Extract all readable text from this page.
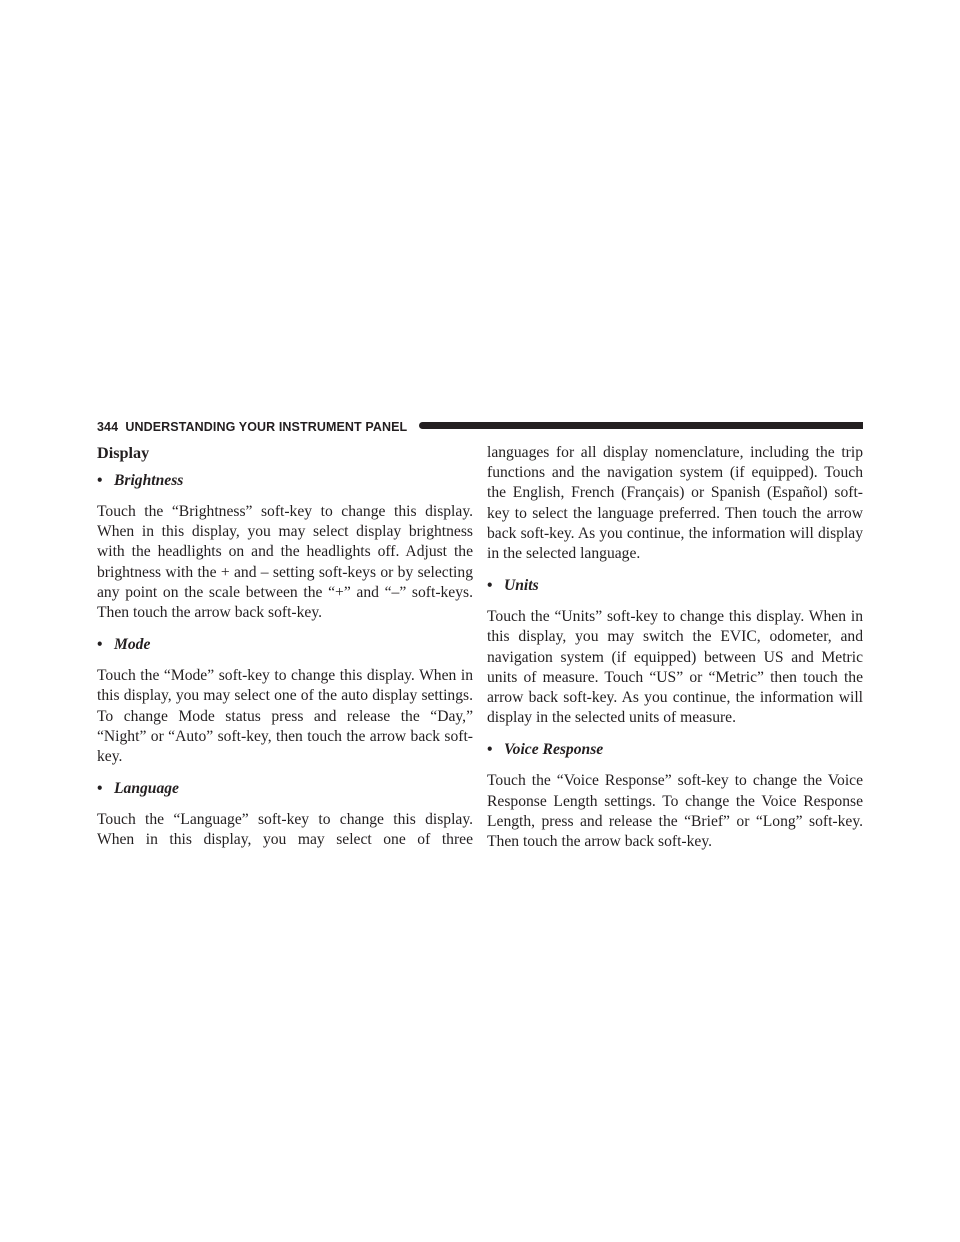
344 UNDERSTANDING YOUR INSTRUMENT PANEL
Display
• Brightness

Touch the “Brightness” soft-key to change this display. When in this display, you may select display brightness with the headlights on and the headlights off. Adjust the brightness with the + and – setting soft-keys or by selecting any point on the scale between the “+” and “–” soft-keys. Then touch the arrow back soft-key.

• Mode

Touch the “Mode” soft-key to change this display. When in this display, you may select one of the auto display settings. To change Mode status press and release the “Day,” “Night” or “Auto” soft-key, then touch the arrow back soft-key.

• Language

Touch the “Language” soft-key to change this display. When in this display, you may select one of three

languages for all display nomenclature, including the trip functions and the navigation system (if equipped). Touch the English, French (Français) or Spanish (Español) soft-key to select the language preferred. Then touch the arrow back soft-key. As you continue, the information will display in the selected language.

• Units

Touch the “Units” soft-key to change this display. When in this display, you may switch the EVIC, odometer, and navigation system (if equipped) between US and Metric units of measure. Touch “US” or “Metric” then touch the arrow back soft-key. As you continue, the information will display in the selected units of measure.

• Voice Response

Touch the “Voice Response” soft-key to change the Voice Response Length settings. To change the Voice Response Length, press and release the “Brief” or “Long” soft-key. Then touch the arrow back soft-key.
